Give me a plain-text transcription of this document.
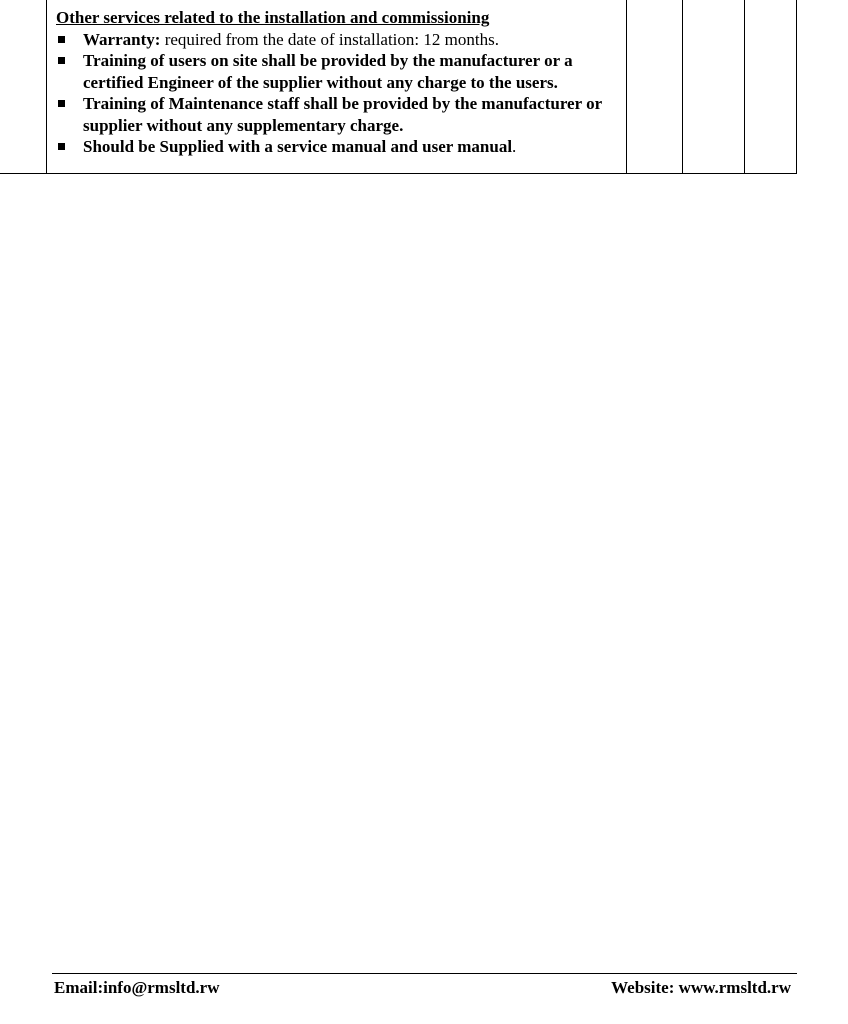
Other services related to the installation and commissioning
Warranty: required from the date of installation: 12 months.
Training of users on site shall be provided by the manufacturer or a certified Engineer of the supplier without any charge to the users.
Training of Maintenance staff shall be provided by the manufacturer or supplier without any supplementary charge.
Should be Supplied with a service manual and user manual.

Email:info@rmsltd.rw	Website: www.rmsltd.rw
